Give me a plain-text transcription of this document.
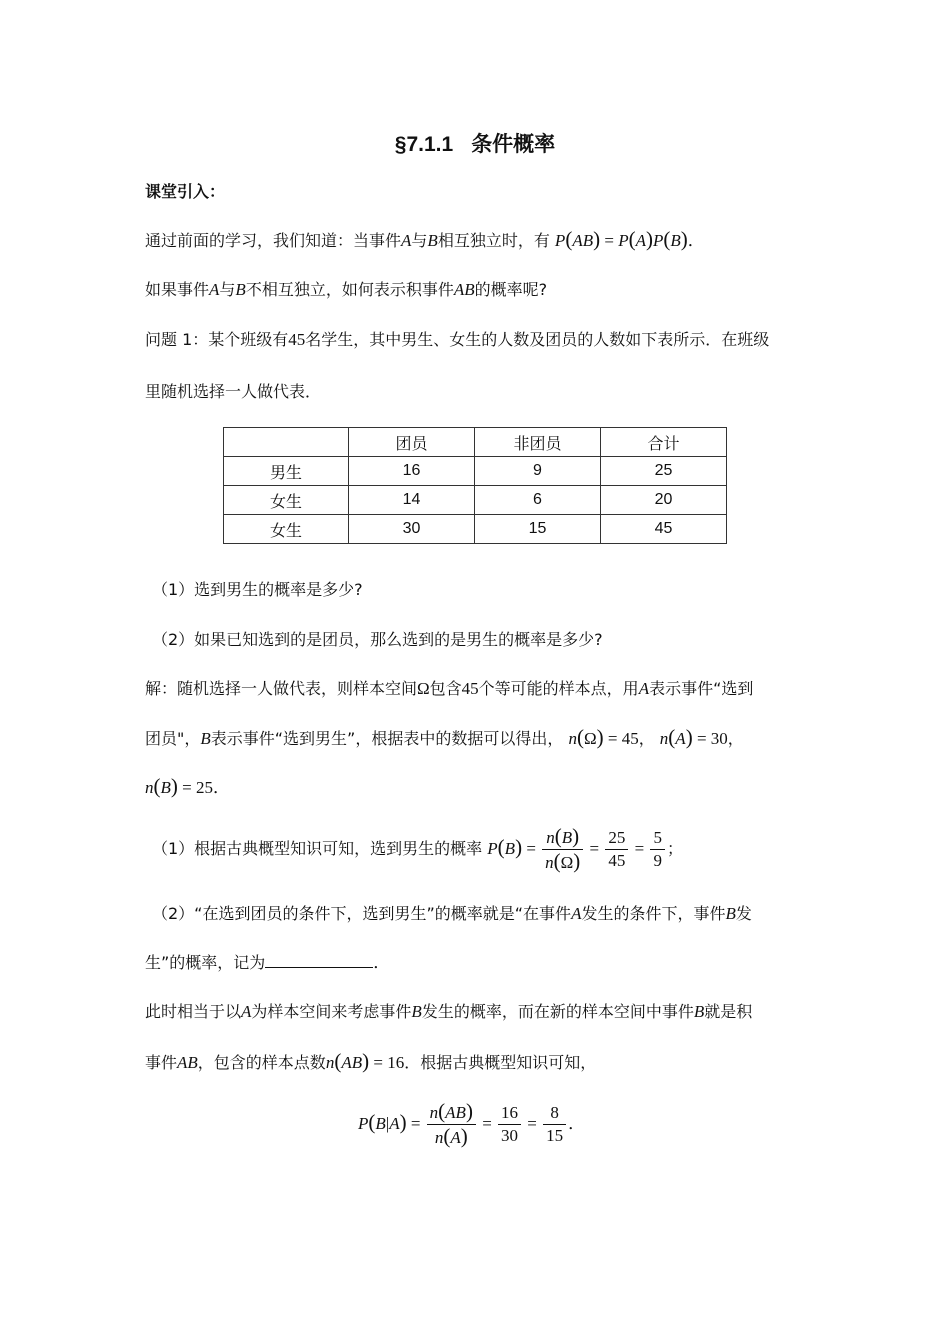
§7.1.1 条件概率
课堂引入：
通过前面的学习，我们知道：当事件A与B相互独立时，有 P(AB) = P(A)P(B)．
如果事件A与B不相互独立，如何表示积事件AB的概率呢?
问题 1：某个班级有45名学生，其中男生、女生的人数及团员的人数如下表所示．在班级
里随机选择一人做代表．
	团员	非团员	合计
男生	16	9	25
女生	14	6	20
女生	30	15	45
（1）选到男生的概率是多少?
（2）如果已知选到的是团员，那么选到的是男生的概率是多少?
解：随机选择一人做代表，则样本空间Ω包含45个等可能的样本点，用A表示事件“选到
团员"，B表示事件“选到男生”，根据表中的数据可以得出， n(Ω) = 45， n(A) = 30，
n(B) = 25．
（1）根据古典概型知识可知，选到男生的概率 $P(B) = \frac{n(B)}{n(\Omega)} = \frac{25}{45} = \frac{5}{9}$ ；
（2）“在选到团员的条件下，选到男生”的概率就是“在事件A发生的条件下，事件B发
生”的概率，记为	．
此时相当于以A为样本空间来考虑事件B发生的概率，而在新的样本空间中事件B就是积
事件AB，包含的样本点数n(AB) = 16．根据古典概型知识可知，
$P(B|A) = \frac{n(AB)}{n(A)} = \frac{16}{30} = \frac{8}{15}$ ．
